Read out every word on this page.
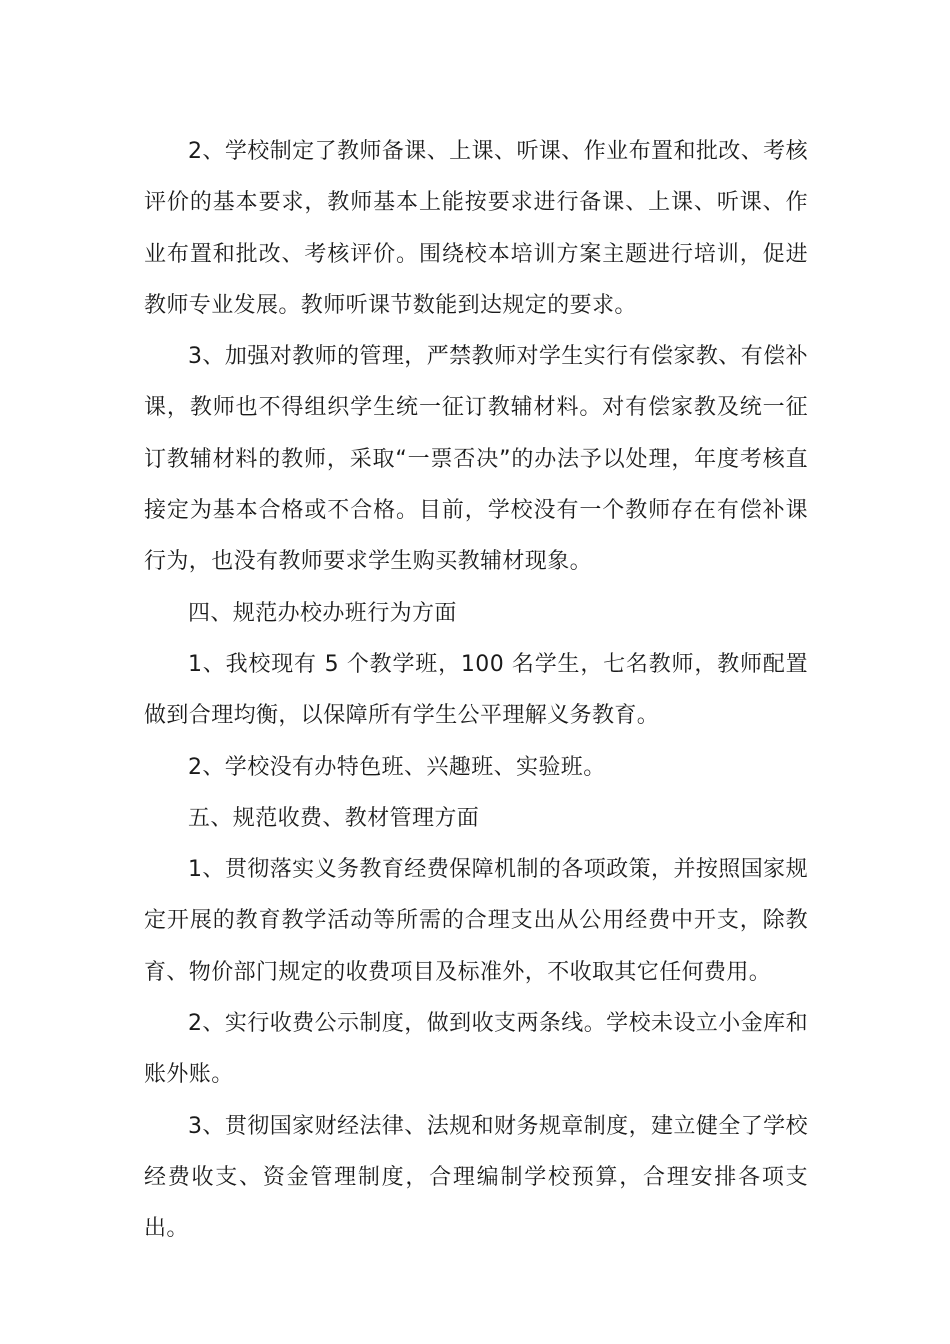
2、学校制定了教师备课、上课、听课、作业布置和批改、考核评价的基本要求，教师基本上能按要求进行备课、上课、听课、作业布置和批改、考核评价。围绕校本培训方案主题进行培训，促进教师专业发展。教师听课节数能到达规定的要求。

3、加强对教师的管理，严禁教师对学生实行有偿家教、有偿补课，教师也不得组织学生统一征订教辅材料。对有偿家教及统一征订教辅材料的教师，采取“一票否决”的办法予以处理，年度考核直接定为基本合格或不合格。目前，学校没有一个教师存在有偿补课行为，也没有教师要求学生购买教辅材现象。

四、规范办校办班行为方面

1、我校现有 5 个教学班，100 名学生，七名教师，教师配置做到合理均衡，以保障所有学生公平理解义务教育。

2、学校没有办特色班、兴趣班、实验班。

五、规范收费、教材管理方面

1、贯彻落实义务教育经费保障机制的各项政策，并按照国家规定开展的教育教学活动等所需的合理支出从公用经费中开支，除教育、物价部门规定的收费项目及标准外，不收取其它任何费用。

2、实行收费公示制度，做到收支两条线。学校未设立小金库和账外账。

3、贯彻国家财经法律、法规和财务规章制度，建立健全了学校经费收支、资金管理制度，合理编制学校预算，合理安排各项支出。
